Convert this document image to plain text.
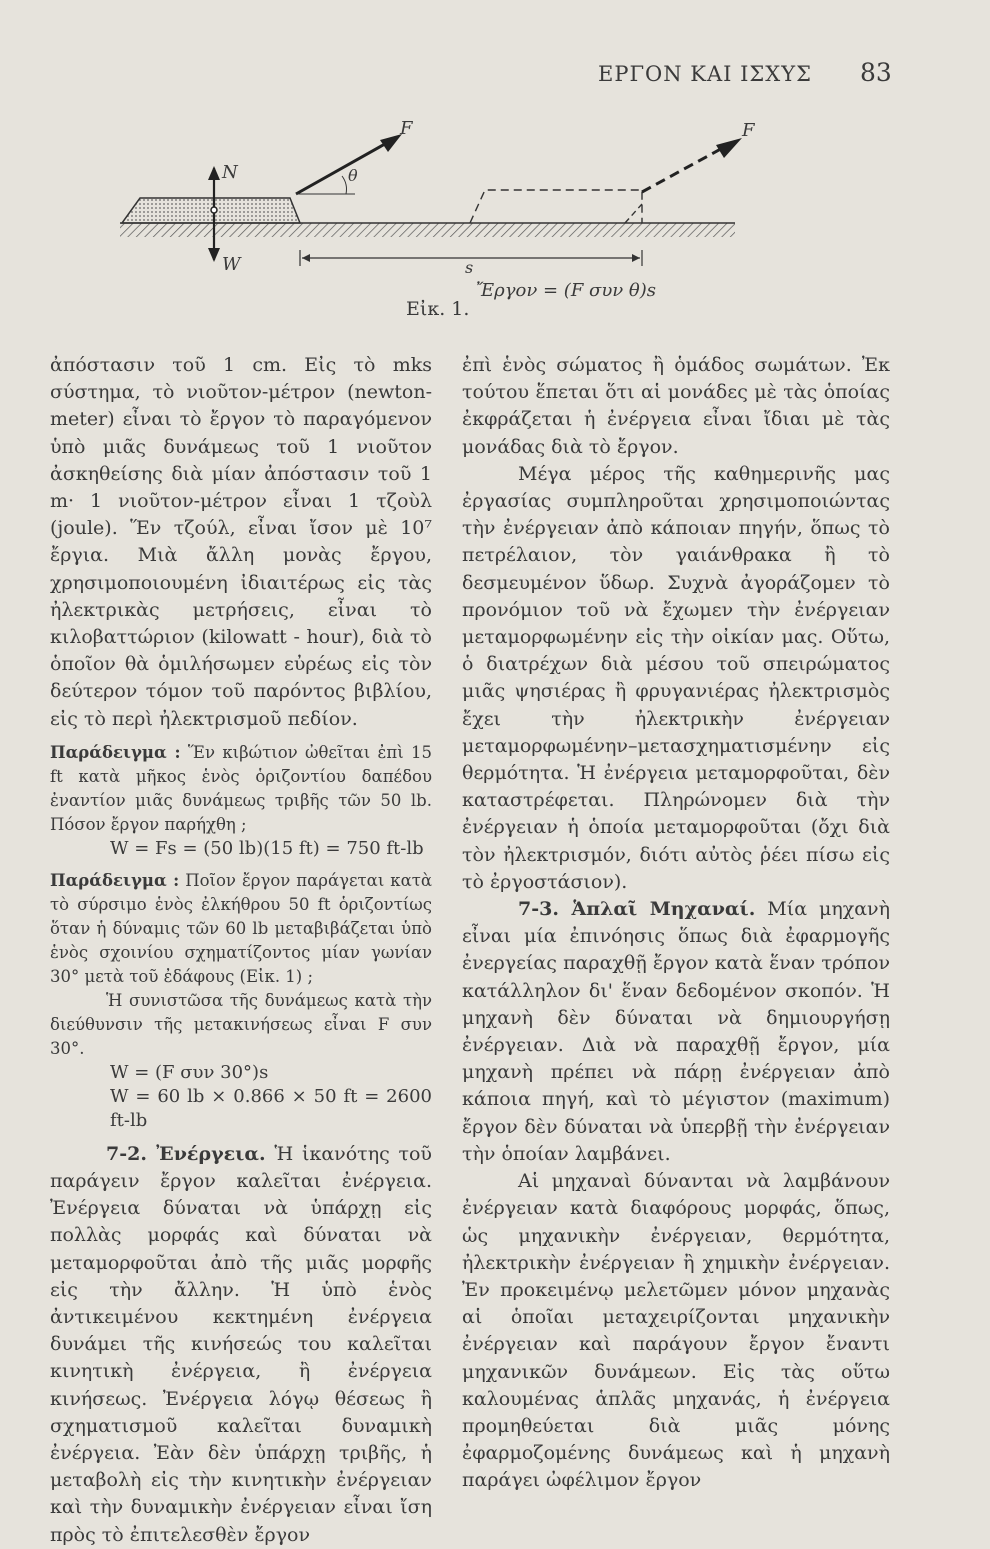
ΕΡΓΟΝ ΚΑΙ ΙΣΧΥΣ 83
F	F
N
W
θ
s
Εἰκ. 1.
Ἔργον = (F συν θ)s

ἀπόστασιν τοῦ 1 cm. Εἰς τὸ mks σύστημα, τὸ νιοῦτον-μέτρον (newton-meter) εἶναι τὸ ἔργον τὸ παραγόμενον ὑπὸ μιᾶς δυνάμεως τοῦ 1 νιοῦτον ἀσκηθείσης διὰ μίαν ἀπόστασιν τοῦ 1 m· 1 νιοῦτον-μέτρον εἶναι 1 τζοὺλ (joule). Ἕν τζούλ, εἶναι ἴσον μὲ 10⁷ ἔργια. Μιὰ ἄλλη μονὰς ἔργου, χρησιμοποιουμένη ἰδιαιτέρως εἰς τὰς ἠλεκτρικὰς μετρήσεις, εἶναι τὸ κιλοβαττώριον (kilowatt - hour), διὰ τὸ ὁποῖον θὰ ὁμιλήσωμεν εὐρέως εἰς τὸν δεύτερον τόμον τοῦ παρόντος βιβλίου, εἰς τὸ περὶ ἠλεκτρισμοῦ πεδίον.

Παράδειγμα : Ἕν κιβώτιον ὠθεῖται ἐπὶ 15 ft κατὰ μῆκος ἑνὸς ὁριζοντίου δαπέδου ἐναντίον μιᾶς δυνάμεως τριβῆς τῶν 50 lb. Πόσον ἔργον παρήχθη ;

W = Fs = (50 lb)(15 ft) = 750 ft-lb

Παράδειγμα : Ποῖον ἔργον παράγεται κατὰ τὸ σύρσιμο ἑνὸς ἐλκήθρου 50 ft ὁριζοντίως ὅταν ἡ δύναμις τῶν 60 lb μεταβιβάζεται ὑπὸ ἑνὸς σχοινίου σχηματίζοντος μίαν γωνίαν 30° μετὰ τοῦ ἐδάφους (Εἰκ. 1) ;

Ἡ συνιστῶσα τῆς δυνάμεως κατὰ τὴν διεύθυνσιν τῆς μετακινήσεως εἶναι F συν 30°.

W = (F συν 30°)s

W = 60 lb × 0.866 × 50 ft = 2600 ft-lb

7-2. Ἐνέργεια. Ἡ ἱκανότης τοῦ παράγειν ἔργον καλεῖται ἐνέργεια. Ἐνέργεια δύναται νὰ ὑπάρχῃ εἰς πολλὰς μορφάς καὶ δύναται νὰ μεταμορφοῦται ἀπὸ τῆς μιᾶς μορφῆς εἰς τὴν ἄλλην. Ἡ ὑπὸ ἑνὸς ἀντικειμένου κεκτημένη ἐνέργεια δυνάμει τῆς κινήσεώς του καλεῖται κινητικὴ ἐνέργεια, ἢ ἐνέργεια κινήσεως. Ἐνέργεια λόγῳ θέσεως ἢ σχηματισμοῦ καλεῖται δυναμικὴ ἐνέργεια. Ἐὰν δὲν ὑπάρχῃ τριβῆς, ἡ μεταβολὴ εἰς τὴν κινητικὴν ἐνέργειαν καὶ τὴν δυναμικὴν ἐνέργειαν εἶναι ἴση πρὸς τὸ ἐπιτελεσθὲν ἔργον

ἐπὶ ἑνὸς σώματος ἢ ὁμάδος σωμάτων. Ἐκ τούτου ἕπεται ὅτι αἱ μονάδες μὲ τὰς ὁποίας ἐκφράζεται ἡ ἐνέργεια εἶναι ἴδιαι μὲ τὰς μονάδας διὰ τὸ ἔργον.

Μέγα μέρος τῆς καθημερινῆς μας ἐργασίας συμπληροῦται χρησιμοποιώντας τὴν ἐνέργειαν ἀπὸ κάποιαν πηγήν, ὅπως τὸ πετρέλαιον, τὸν γαιάνθρακα ἢ τὸ δεσμευμένον ὕδωρ. Συχνὰ ἀγοράζομεν τὸ προνόμιον τοῦ νὰ ἔχωμεν τὴν ἐνέργειαν μεταμορφωμένην εἰς τὴν οἰκίαν μας. Οὕτω, ὁ διατρέχων διὰ μέσου τοῦ σπειρώματος μιᾶς ψησιέρας ἢ φρυγανιέρας ἠλεκτρισμὸς ἔχει τὴν ἠλεκτρικὴν ἐνέργειαν μεταμορφωμένην–μετασχηματισμένην εἰς θερμότητα. Ἡ ἐνέργεια μεταμορφοῦται, δὲν καταστρέφεται. Πληρώνομεν διὰ τὴν ἐνέργειαν ἡ ὁποία μεταμορφοῦται (ὄχι διὰ τὸν ἠλεκτρισμόν, διότι αὐτὸς ῥέει πίσω εἰς τὸ ἐργοστάσιον).

7-3. Ἁπλαῖ Μηχαναί. Μία μηχανὴ εἶναι μία ἐπινόησις ὅπως διὰ ἐφαρμογῆς ἐνεργείας παραχθῇ ἔργον κατὰ ἕναν τρόπον κατάλληλον δι' ἕναν δεδομένον σκοπόν. Ἡ μηχανὴ δὲν δύναται νὰ δημιουργήσῃ ἐνέργειαν. Διὰ νὰ παραχθῇ ἔργον, μία μηχανὴ πρέπει νὰ πάρῃ ἐνέργειαν ἀπὸ κάποια πηγή, καὶ τὸ μέγιστον (maximum) ἔργον δὲν δύναται νὰ ὑπερβῇ τὴν ἐνέργειαν τὴν ὁποίαν λαμβάνει.

Αἱ μηχαναὶ δύνανται νὰ λαμβάνουν ἐνέργειαν κατὰ διαφόρους μορφάς, ὅπως, ὡς μηχανικὴν ἐνέργειαν, θερμότητα, ἠλεκτρικὴν ἐνέργειαν ἢ χημικὴν ἐνέργειαν. Ἐν προκειμένῳ μελετῶμεν μόνον μηχανὰς αἱ ὁποῖαι μεταχειρίζονται μηχανικὴν ἐνέργειαν καὶ παράγουν ἔργον ἔναντι μηχανικῶν δυνάμεων. Εἰς τὰς οὕτω καλουμένας ἁπλᾶς μηχανάς, ἡ ἐνέργεια προμηθεύεται διὰ μιᾶς μόνης ἐφαρμοζομένης δυνάμεως καὶ ἡ μηχανὴ παράγει ὠφέλιμον ἔργον
